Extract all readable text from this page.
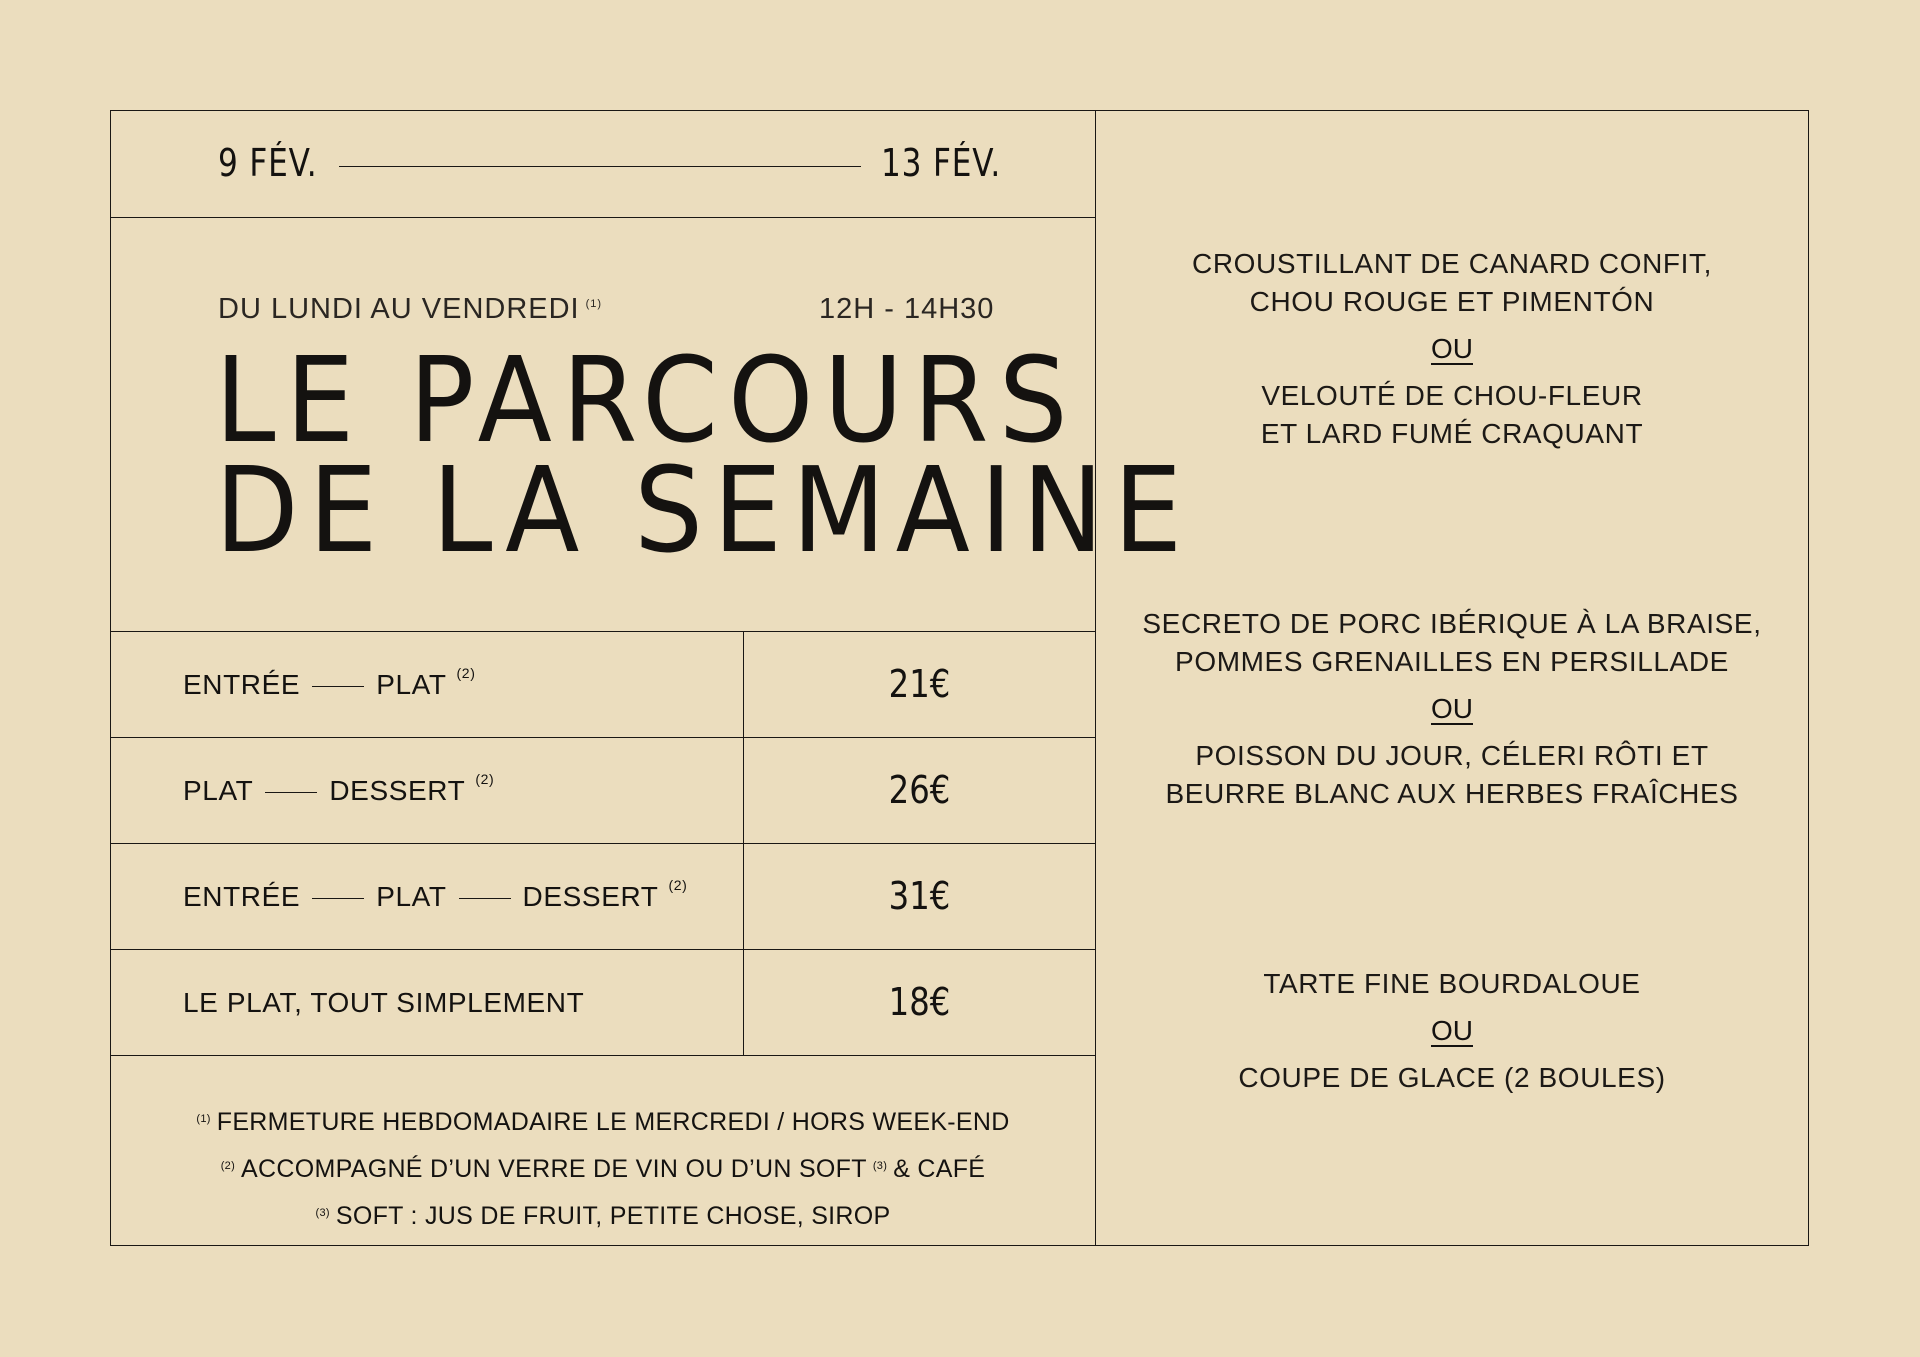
9 FÉV.	13 FÉV.
DU LUNDI AU VENDREDI $^{(1)}$	12H - 14H30
LE PARCOURS
DE LA SEMAINE
ENTRÉE	PLAT (2)	21€
PLAT	DESSERT (2)	26€
ENTRÉE	PLAT	DESSERT (2)	31€
LE PLAT, TOUT SIMPLEMENT	18€
$^{(1)}$ FERMETURE HEBDOMADAIRE LE MERCREDI / HORS WEEK-END
$^{(2)}$ ACCOMPAGNÉ D’UN VERRE DE VIN OU D’UN SOFT $^{(3)}$ & CAFÉ
$^{(3)}$ SOFT : JUS DE FRUIT, PETITE CHOSE, SIROP
CROUSTILLANT DE CANARD CONFIT,
CHOU ROUGE ET PIMENTÓN
OU
VELOUTÉ DE CHOU-FLEUR
ET LARD FUMÉ CRAQUANT
SECRETO DE PORC IBÉRIQUE À LA BRAISE,
POMMES GRENAILLES EN PERSILLADE
OU
POISSON DU JOUR, CÉLERI RÔTI ET
BEURRE BLANC AUX HERBES FRAÎCHES
TARTE FINE BOURDALOUE
OU
COUPE DE GLACE (2 BOULES)
